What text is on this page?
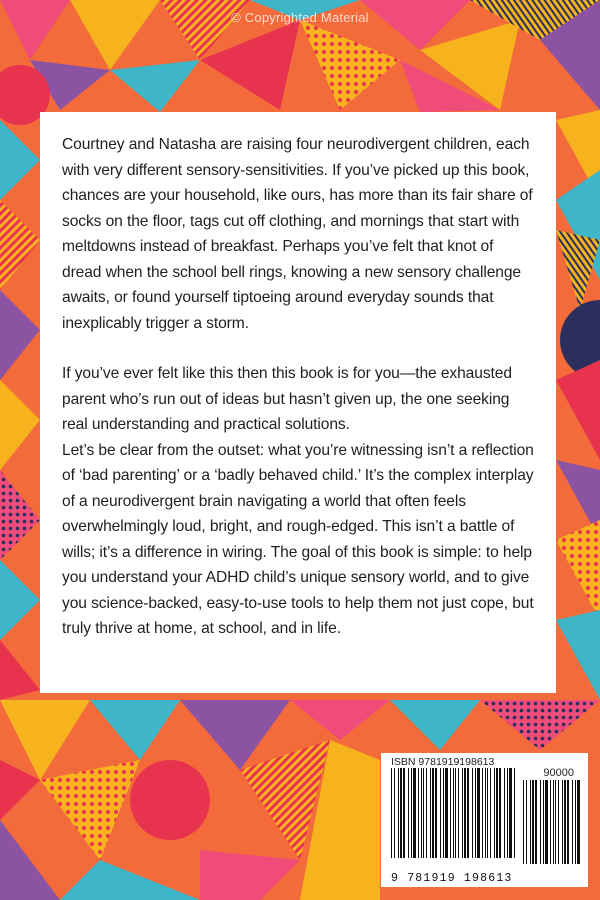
© Copyrighted Material

Courtney and Natasha are raising four neurodivergent children, each with very different sensory-sensitivities. If you’ve picked up this book, chances are your household, like ours, has more than its fair share of socks on the floor, tags cut off clothing, and mornings that start with meltdowns instead of breakfast. Perhaps you’ve felt that knot of dread when the school bell rings, knowing a new sensory challenge awaits, or found yourself tiptoeing around everyday sounds that inexplicably trigger a storm.

If you’ve ever felt like this then this book is for you—the exhausted parent who’s run out of ideas but hasn’t given up, the one seeking real understanding and practical solutions.

Let’s be clear from the outset: what you’re witnessing isn’t a reflection of ‘bad parenting’ or a ‘badly behaved child.’ It’s the complex interplay of a neurodivergent brain navigating a world that often feels overwhelmingly loud, bright, and rough-edged. This isn’t a battle of wills; it’s a difference in wiring. The goal of this book is simple: to help you understand your ADHD child’s unique sensory world, and to give you science-backed, easy-to-use tools to help them not just cope, but truly thrive at home, at school, and in life.

ISBN 9781919198613
90000
9 781919 198613
